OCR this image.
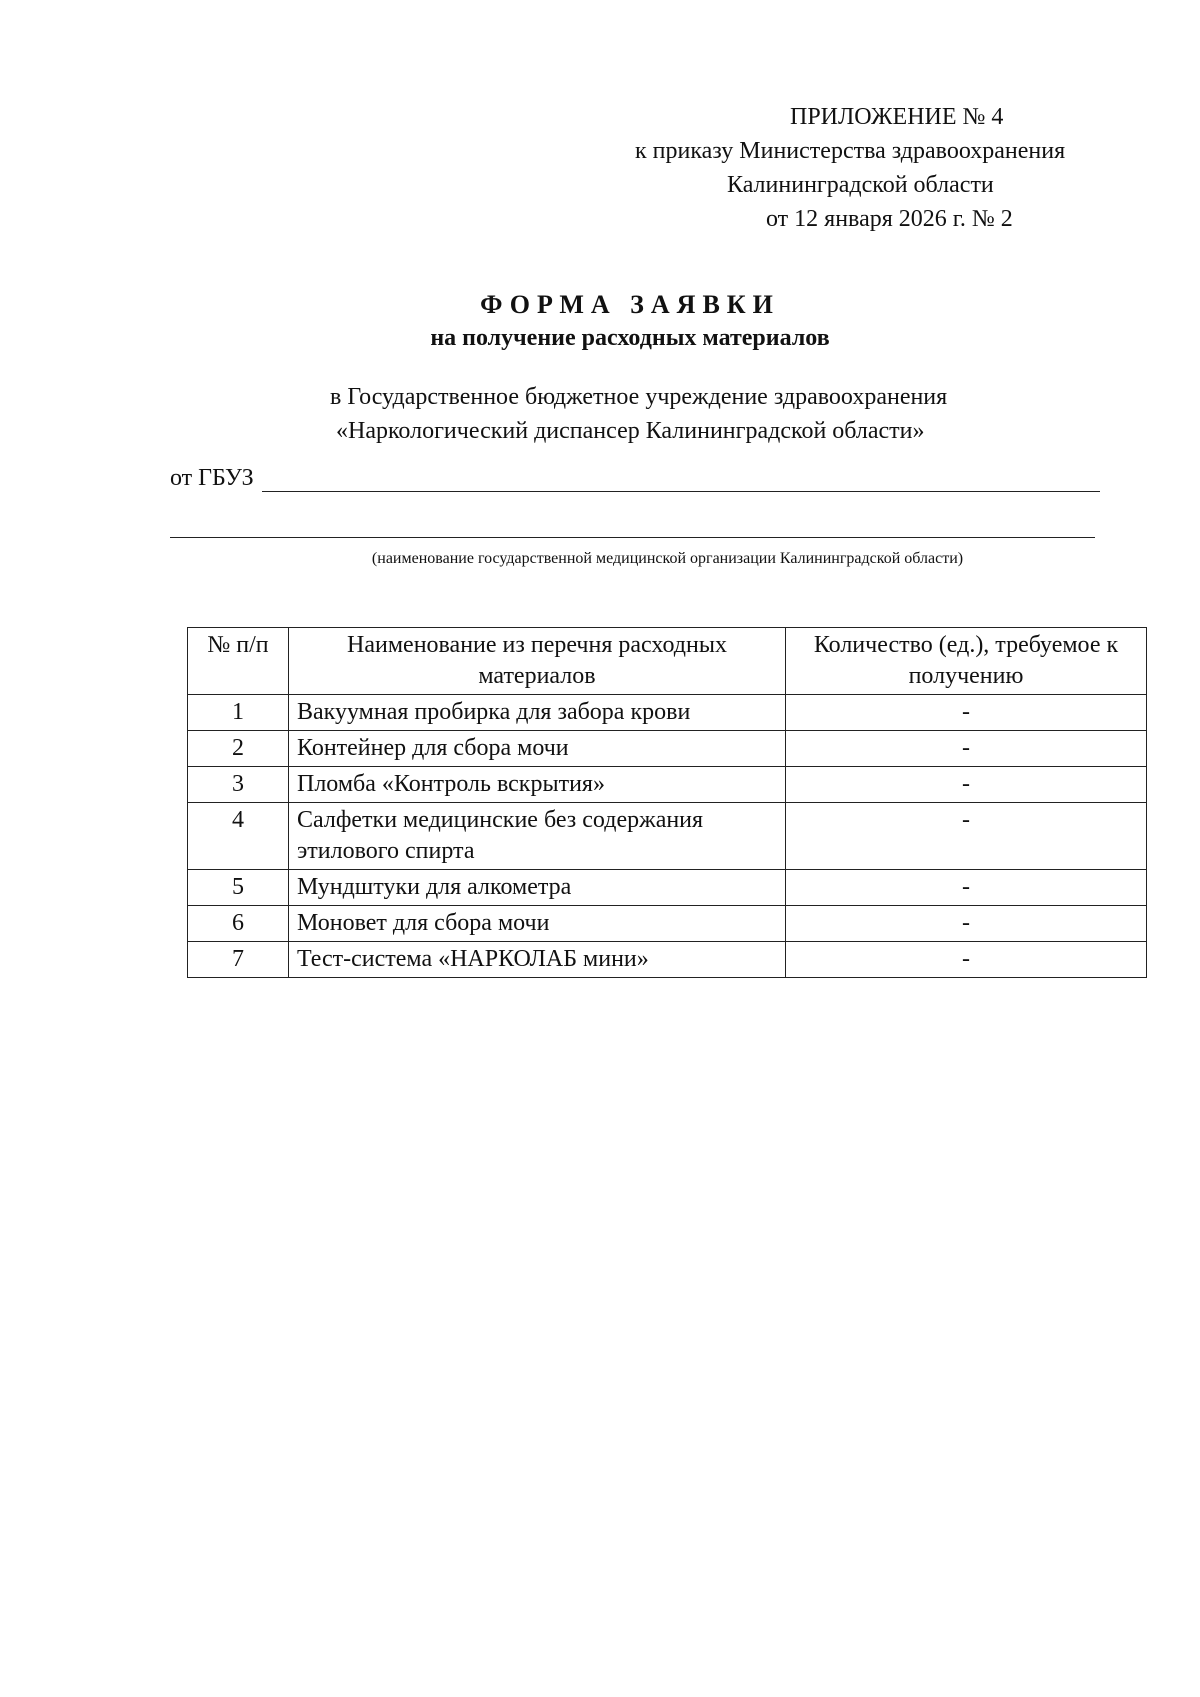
ПРИЛОЖЕНИЕ № 4
к приказу Министерства здравоохранения
Калининградской области
от 12 января 2026 г. № 2
ФОРМА ЗАЯВКИ
на получение расходных материалов
в Государственное бюджетное учреждение здравоохранения
«Наркологический диспансер Калининградской области»
от ГБУЗ
(наименование государственной медицинской организации Калининградской области)
№ п/п	Наименование из перечня расходных материалов	Количество (ед.), требуемое к получению
1	Вакуумная пробирка для забора крови	-
2	Контейнер для сбора мочи	-
3	Пломба «Контроль вскрытия»	-
4	Салфетки медицинские без содержания этилового спирта	-
5	Мундштуки для алкометра	-
6	Моновет для сбора мочи	-
7	Тест-система «НАРКОЛАБ мини»	-
